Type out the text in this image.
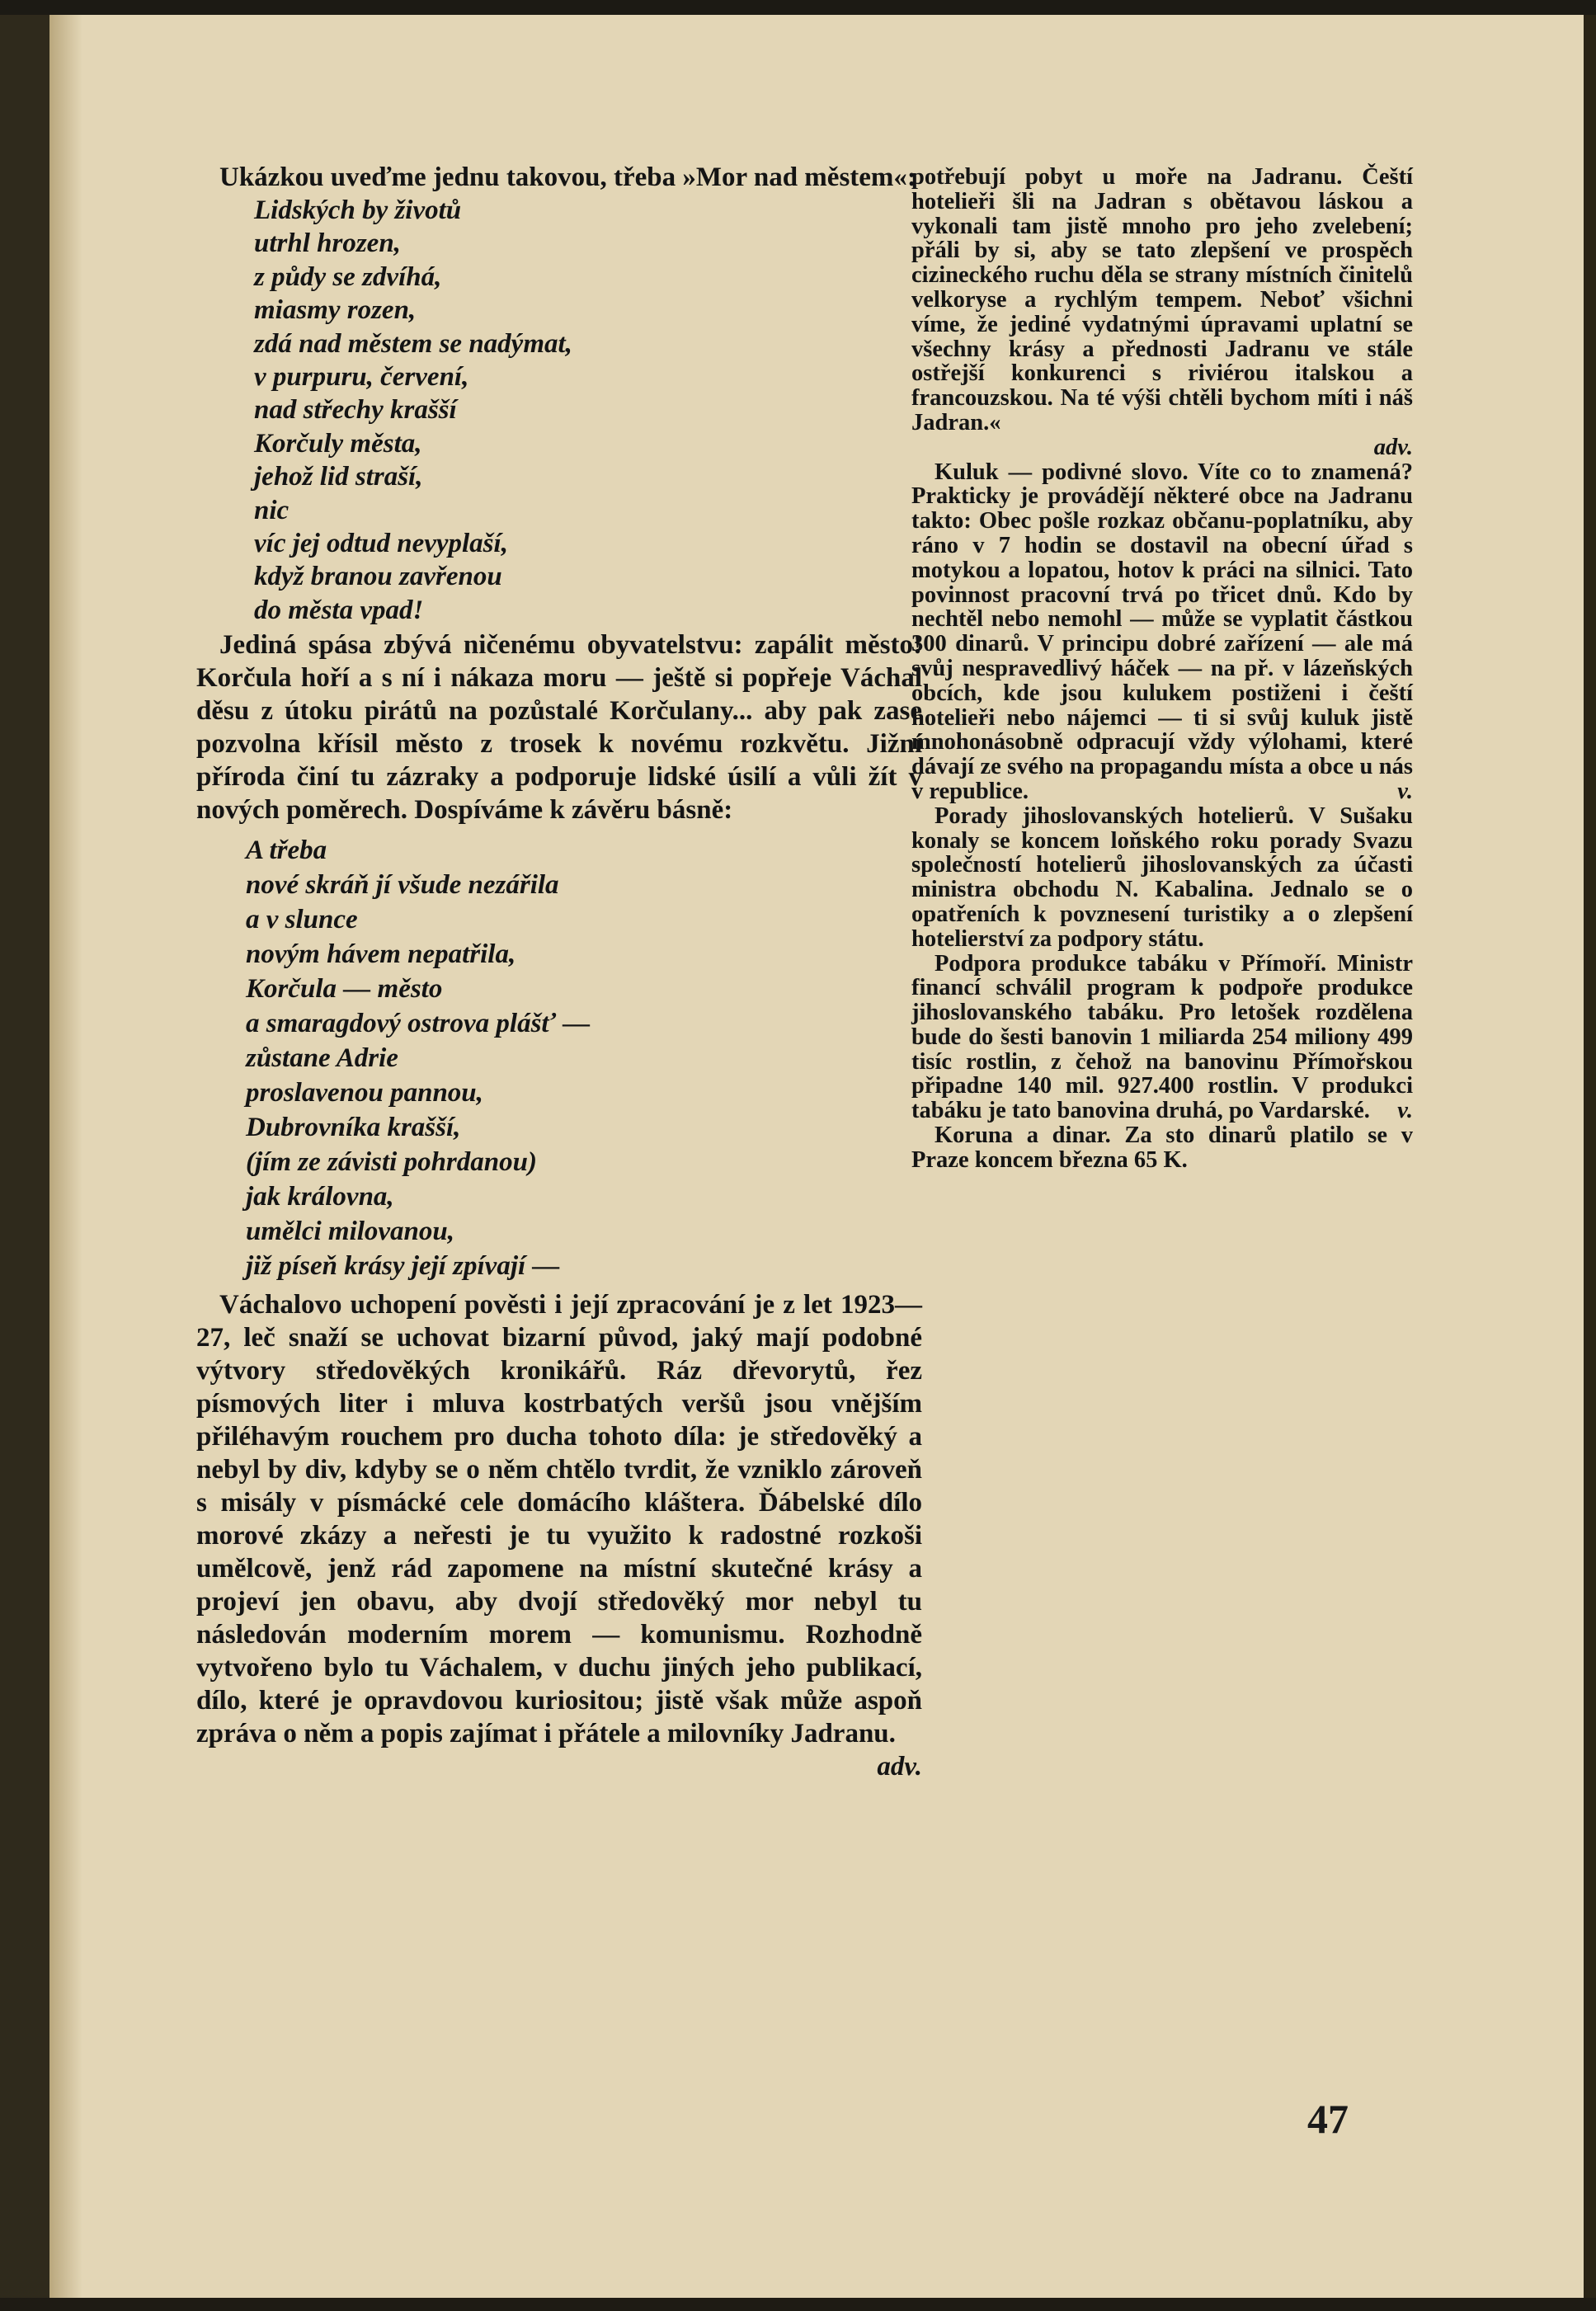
Ukázkou uveďme jednu takovou, třeba »Mor nad městem«:

Lidských by životů
utrhl hrozen,
z půdy se zdvíhá,
miasmy rozen,
zdá nad městem se nadýmat,
v purpuru, červení,
nad střechy krašší
Korčuly města,
jehož lid straší,
nic
víc jej odtud nevyplaší,
když branou zavřenou
do města vpad!

Jediná spása zbývá ničenému obyvatelstvu: zapálit město! Korčula hoří a s ní i nákaza moru — ještě si popřeje Váchal děsu z útoku pirátů na pozůstalé Korčulany... aby pak zase pozvolna křísil město z trosek k novému rozkvětu. Jižní příroda činí tu zázraky a podporuje lidské úsilí a vůli žít v nových poměrech. Dospíváme k závěru básně:

A třeba
nové skráň jí všude nezářila
a v slunce
novým hávem nepatřila,
Korčula — město
a smaragdový ostrova plášť —
zůstane Adrie
proslavenou pannou,
Dubrovníka krašší,
(jím ze závisti pohrdanou)
jak královna,
umělci milovanou,
již píseň krásy její zpívají —

Váchalovo uchopení pověsti i její zpracování je z let 1923—27, leč snaží se uchovat bizarní původ, jaký mají podobné výtvory středověkých kronikářů. Ráz dřevorytů, řez písmových liter i mluva kostrbatých veršů jsou vnějším přiléhavým rouchem pro ducha tohoto díla: je středověký a nebyl by div, kdyby se o něm chtělo tvrdit, že vzniklo zároveň s misály v písmácké cele domácího kláštera. Ďábelské dílo morové zkázy a neřesti je tu využito k radostné rozkoši umělcově, jenž rád zapomene na místní skutečné krásy a projeví jen obavu, aby dvojí středověký mor nebyl tu následován moderním morem — komunismu. Rozhodně vytvořeno bylo tu Váchalem, v duchu jiných jeho publikací, dílo, které je opravdovou kuriositou; jistě však může aspoň zpráva o něm a popis zajímat i přátele a milovníky Jadranu.
adv.

potřebují pobyt u moře na Jadranu. Čeští hotelieři šli na Jadran s obětavou láskou a vykonali tam jistě mnoho pro jeho zvelebení; přáli by si, aby se tato zlepšení ve prospěch cizineckého ruchu děla se strany místních činitelů velkoryse a rychlým tempem. Neboť všichni víme, že jediné vydatnými úpravami uplatní se všechny krásy a přednosti Jadranu ve stále ostřejší konkurenci s riviérou italskou a francouzskou. Na té výši chtěli bychom míti i náš Jadran.«

adv.

Kuluk — podivné slovo. Víte co to znamená? Prakticky je provádějí některé obce na Jadranu takto: Obec pošle rozkaz občanu-poplatníku, aby ráno v 7 hodin se dostavil na obecní úřad s motykou a lopatou, hotov k práci na silnici. Tato povinnost pracovní trvá po třicet dnů. Kdo by nechtěl nebo nemohl — může se vyplatit částkou 300 dinarů. V principu dobré zařízení — ale má svůj nespravedlivý háček — na př. v lázeňských obcích, kde jsou kulukem postiženi i čeští hotelieři nebo nájemci — ti si svůj kuluk jistě mnohonásobně odpracují vždy výlohami, které dávají ze svého na propagandu místa a obce u nás v republice.	v.

Porady jihoslovanských hotelierů. V Sušaku konaly se koncem loňského roku porady Svazu společností hotelierů jihoslovanských za účasti ministra obchodu N. Kabalina. Jednalo se o opatřeních k povznesení turistiky a o zlepšení hotelierství za podpory státu.

Podpora produkce tabáku v Přímoří. Ministr financí schválil program k podpoře produkce jihoslovanského tabáku. Pro letošek rozdělena bude do šesti banovin 1 miliarda 254 miliony 499 tisíc rostlin, z čehož na banovinu Přímořskou připadne 140 mil. 927.400 rostlin. V produkci tabáku je tato banovina druhá, po Vardarské.	v.

Koruna a dinar. Za sto dinarů platilo se v Praze koncem března 65 K.

47
